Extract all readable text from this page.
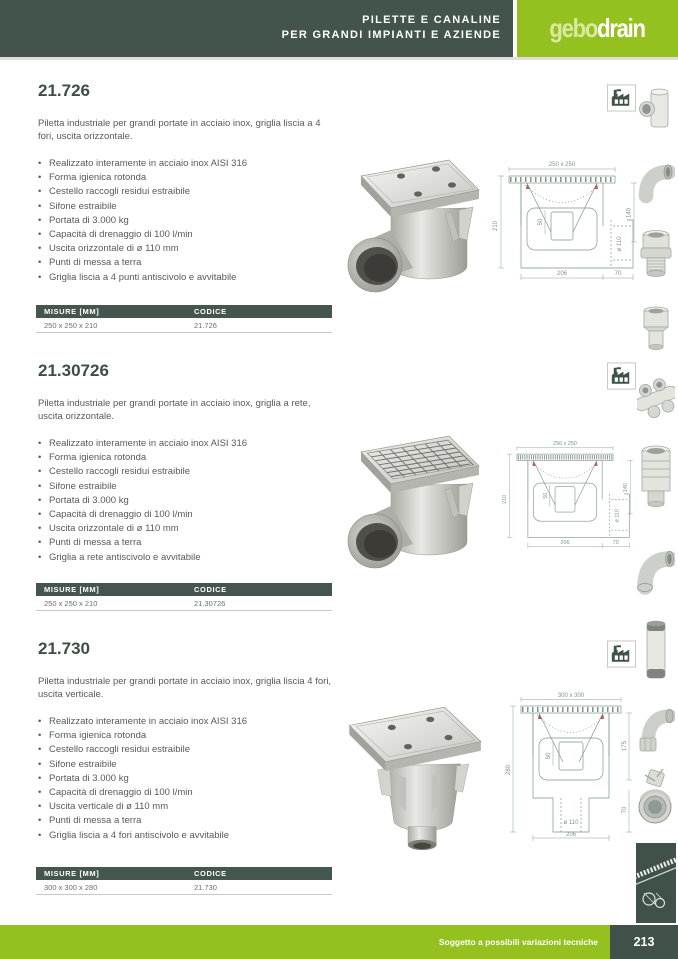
PILETTE E CANALINE
PER GRANDI IMPIANTI E AZIENDE gebodrain
21.726
Piletta industriale per grandi portate in acciaio inox, griglia liscia a 4 fori, uscita orizzontale.
• Realizzato interamente in acciaio inox AISI 316
• Forma igienica rotonda
• Cestello raccogli residui estraibile
• Sifone estraibile
• Portata di 3.000 kg
• Capacità di drenaggio di 100 l/min
• Uscita orizzontale di ø 110 mm
• Punti di messa a terra
• Griglia liscia a 4 punti antiscivolo e avvitabile
MISURE [MM]	CODICE
250 x 250 x 210	21.726
250 x 250
210
140
ø 110
50
206	70
21.30726
Piletta industriale per grandi portate in acciaio inox, griglia a rete, uscita orizzontale.
• Realizzato interamente in acciaio inox AISI 316
• Forma igienica rotonda
• Cestello raccogli residui estraibile
• Sifone estraibile
• Portata di 3.000 kg
• Capacità di drenaggio di 100 l/min
• Uscita orizzontale di ø 110 mm
• Punti di messa a terra
• Griglia a rete antiscivolo e avvitabile
MISURE [MM]	CODICE
250 x 250 x 210	21.30726
250 x 250
210
140
ø 110
50
206	70
21.730
Piletta industriale per grandi portate in acciaio inox, griglia liscia 4 fori, uscita verticale.
• Realizzato interamente in acciaio inox AISI 316
• Forma igienica rotonda
• Cestello raccogli residui estraibile
• Sifone estraibile
• Portata di 3.000 kg
• Capacità di drenaggio di 100 l/min
• Uscita verticale di ø 110 mm
• Punti di messa a terra
• Griglia liscia a 4 fori antiscivolo e avvitabile
MISURE [MM]	CODICE
300 x 300 x 280	21.730
300 x 300
280
175
70
50
ø 110
206
Soggetto a possibili variazioni tecniche	213
